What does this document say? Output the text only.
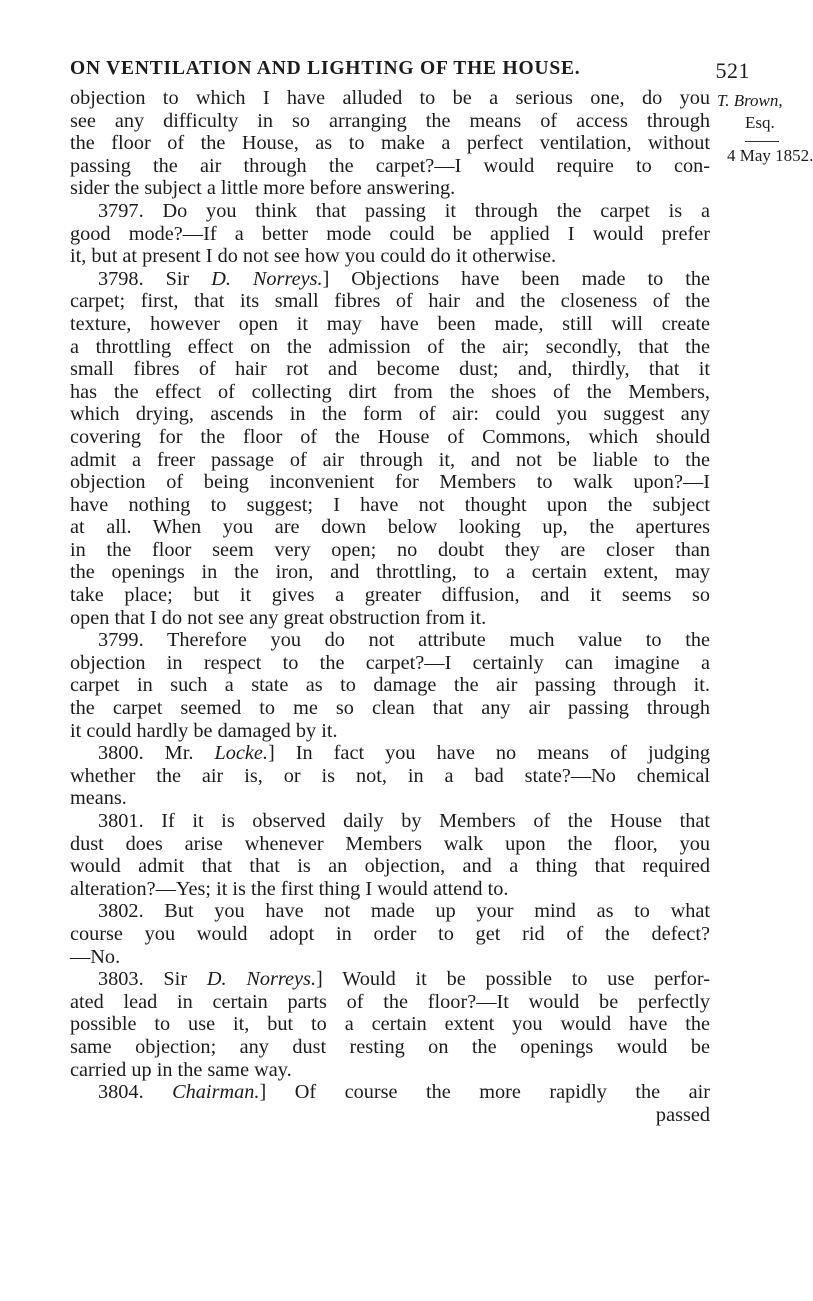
ON VENTILATION AND LIGHTING OF THE HOUSE.	521
T. Brown,
Esq.
4 May 1852.
objection to which I have alluded to be a serious one, do you
see any difficulty in so arranging the means of access through
the floor of the House, as to make a perfect ventilation, without
passing the air through the carpet?—I would require to con-
sider the subject a little more before answering.
3797. Do you think that passing it through the carpet is a
good mode?—If a better mode could be applied I would prefer
it, but at present I do not see how you could do it otherwise.
3798. Sir D. Norreys.] Objections have been made to the
carpet; first, that its small fibres of hair and the closeness of the
texture, however open it may have been made, still will create
a throttling effect on the admission of the air; secondly, that the
small fibres of hair rot and become dust; and, thirdly, that it
has the effect of collecting dirt from the shoes of the Members,
which drying, ascends in the form of air: could you suggest any
covering for the floor of the House of Commons, which should
admit a freer passage of air through it, and not be liable to the
objection of being inconvenient for Members to walk upon?—I
have nothing to suggest; I have not thought upon the subject
at all. When you are down below looking up, the apertures
in the floor seem very open; no doubt they are closer than
the openings in the iron, and throttling, to a certain extent, may
take place; but it gives a greater diffusion, and it seems so
open that I do not see any great obstruction from it.
3799. Therefore you do not attribute much value to the
objection in respect to the carpet?—I certainly can imagine a
carpet in such a state as to damage the air passing through it.
the carpet seemed to me so clean that any air passing through
it could hardly be damaged by it.
3800. Mr. Locke.] In fact you have no means of judging
whether the air is, or is not, in a bad state?—No chemical
means.
3801. If it is observed daily by Members of the House that
dust does arise whenever Members walk upon the floor, you
would admit that that is an objection, and a thing that required
alteration?—Yes; it is the first thing I would attend to.
3802. But you have not made up your mind as to what
course you would adopt in order to get rid of the defect?
—No.
3803. Sir D. Norreys.] Would it be possible to use perfor-
ated lead in certain parts of the floor?—It would be perfectly
possible to use it, but to a certain extent you would have the
same objection; any dust resting on the openings would be
carried up in the same way.
3804. Chairman.] Of course the more rapidly the air
passed
